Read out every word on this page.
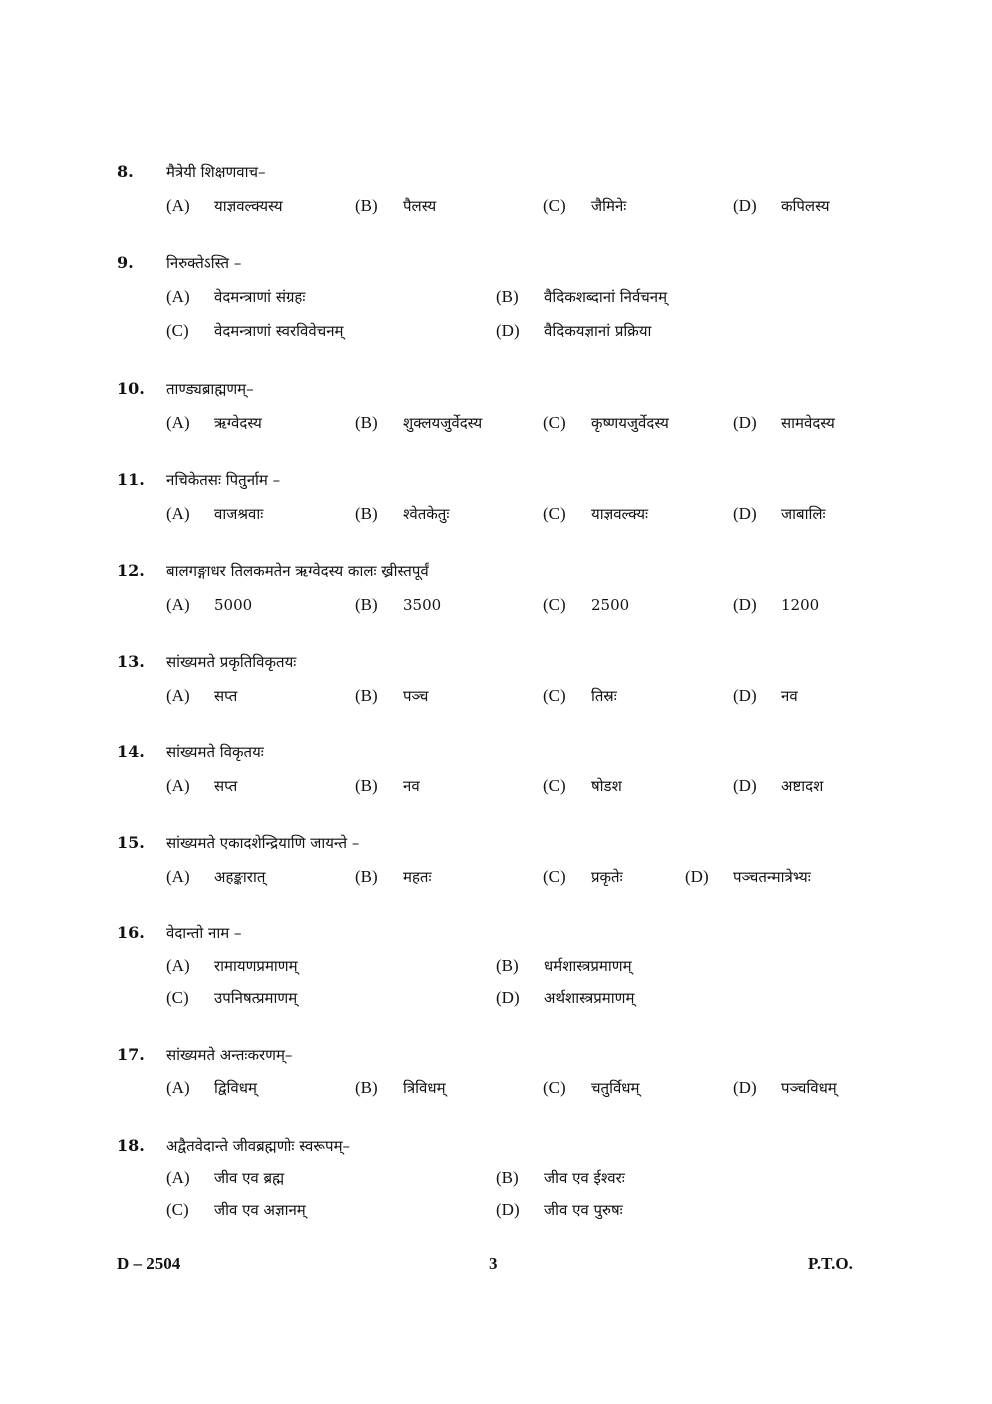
8. मैत्रेयी शिक्षणवाच–
(A) याज्ञवल्क्यस्य	(B) पैलस्य	(C) जैमिनेः	(D) कपिलस्य
9. निरुक्तेऽस्ति –
(A) वेदमन्त्राणां संग्रहः	(B) वैदिकशब्दानां निर्वचनम्
(C) वेदमन्त्राणां स्वरविवेचनम्	(D) वैदिकयज्ञानां प्रक्रिया
10. ताण्ड्यब्राह्मणम्–
(A) ऋग्वेदस्य	(B) शुक्लयजुर्वेदस्य	(C) कृष्णयजुर्वेदस्य	(D) सामवेदस्य
11. नचिकेतसः पितुर्नाम –
(A) वाजश्रवाः	(B) श्वेतकेतुः	(C) याज्ञवल्क्यः	(D) जाबालिः
12. बालगङ्गाधर तिलकमतेन ऋग्वेदस्य कालः ख्रीस्तपूर्वं
(A) 5000	(B) 3500	(C) 2500	(D) 1200
13. सांख्यमते प्रकृतिविकृतयः
(A) सप्त	(B) पञ्च	(C) तिस्रः	(D) नव
14. सांख्यमते विकृतयः
(A) सप्त	(B) नव	(C) षोडश	(D) अष्टादश
15. सांख्यमते एकादशेन्द्रियाणि जायन्ते –
(A) अहङ्कारात्	(B) महतः	(C) प्रकृतेः	(D) पञ्चतन्मात्रेभ्यः
16. वेदान्तो नाम –
(A) रामायणप्रमाणम्	(B) धर्मशास्त्रप्रमाणम्
(C) उपनिषत्प्रमाणम्	(D) अर्थशास्त्रप्रमाणम्
17. सांख्यमते अन्तःकरणम्–
(A) द्विविधम्	(B) त्रिविधम्	(C) चतुर्विधम्	(D) पञ्चविधम्
18. अद्वैतवेदान्ते जीवब्रह्मणोः स्वरूपम्–
(A) जीव एव ब्रह्म	(B) जीव एव ईश्वरः
(C) जीव एव अज्ञानम्	(D) जीव एव पुरुषः
D – 2504	3	P.T.O.
